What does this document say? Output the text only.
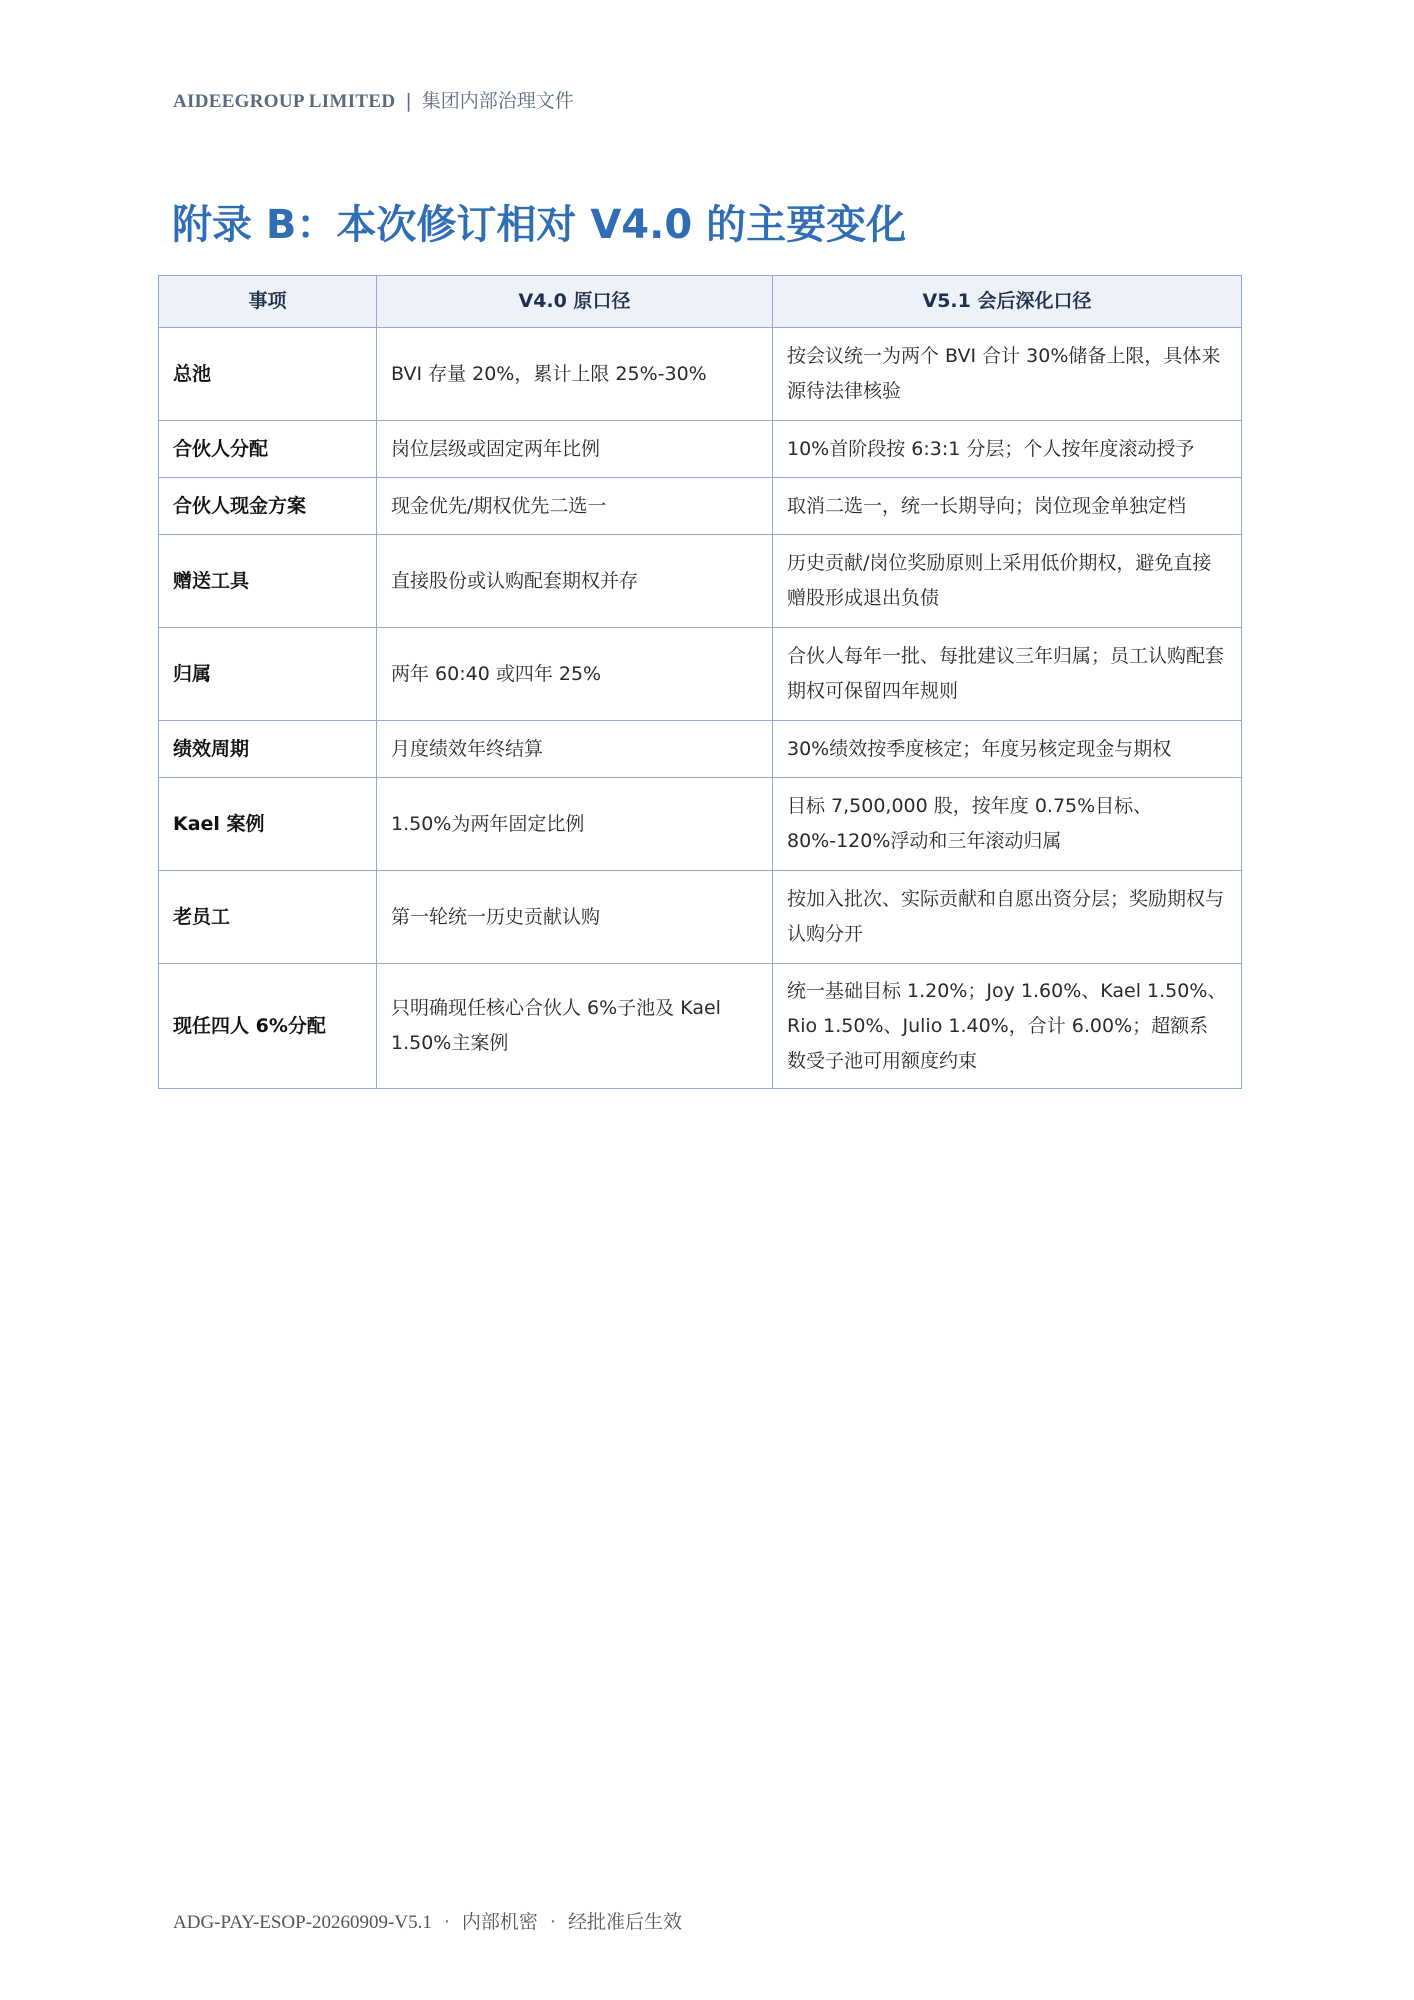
AIDEEGROUP LIMITED | 集团内部治理文件
附录 B：本次修订相对 V4.0 的主要变化
事项	V4.0 原口径	V5.1 会后深化口径
总池	BVI 存量 20%，累计上限 25%-30%	按会议统一为两个 BVI 合计 30%储备上限，具体来源待法律核验
合伙人分配	岗位层级或固定两年比例	10%首阶段按 6:3:1 分层；个人按年度滚动授予
合伙人现金方案	现金优先/期权优先二选一	取消二选一，统一长期导向；岗位现金单独定档
赠送工具	直接股份或认购配套期权并存	历史贡献/岗位奖励原则上采用低价期权，避免直接赠股形成退出负债
归属	两年 60:40 或四年 25%	合伙人每年一批、每批建议三年归属；员工认购配套期权可保留四年规则
绩效周期	月度绩效年终结算	30%绩效按季度核定；年度另核定现金与期权
Kael 案例	1.50%为两年固定比例	目标 7,500,000 股，按年度 0.75%目标、80%-120%浮动和三年滚动归属
老员工	第一轮统一历史贡献认购	按加入批次、实际贡献和自愿出资分层；奖励期权与认购分开
现任四人 6%分配	只明确现任核心合伙人 6%子池及 Kael 1.50%主案例	统一基础目标 1.20%；Joy 1.60%、Kael 1.50%、Rio 1.50%、Julio 1.40%，合计 6.00%；超额系数受子池可用额度约束
ADG-PAY-ESOP-20260909-V5.1 · 内部机密 · 经批准后生效
